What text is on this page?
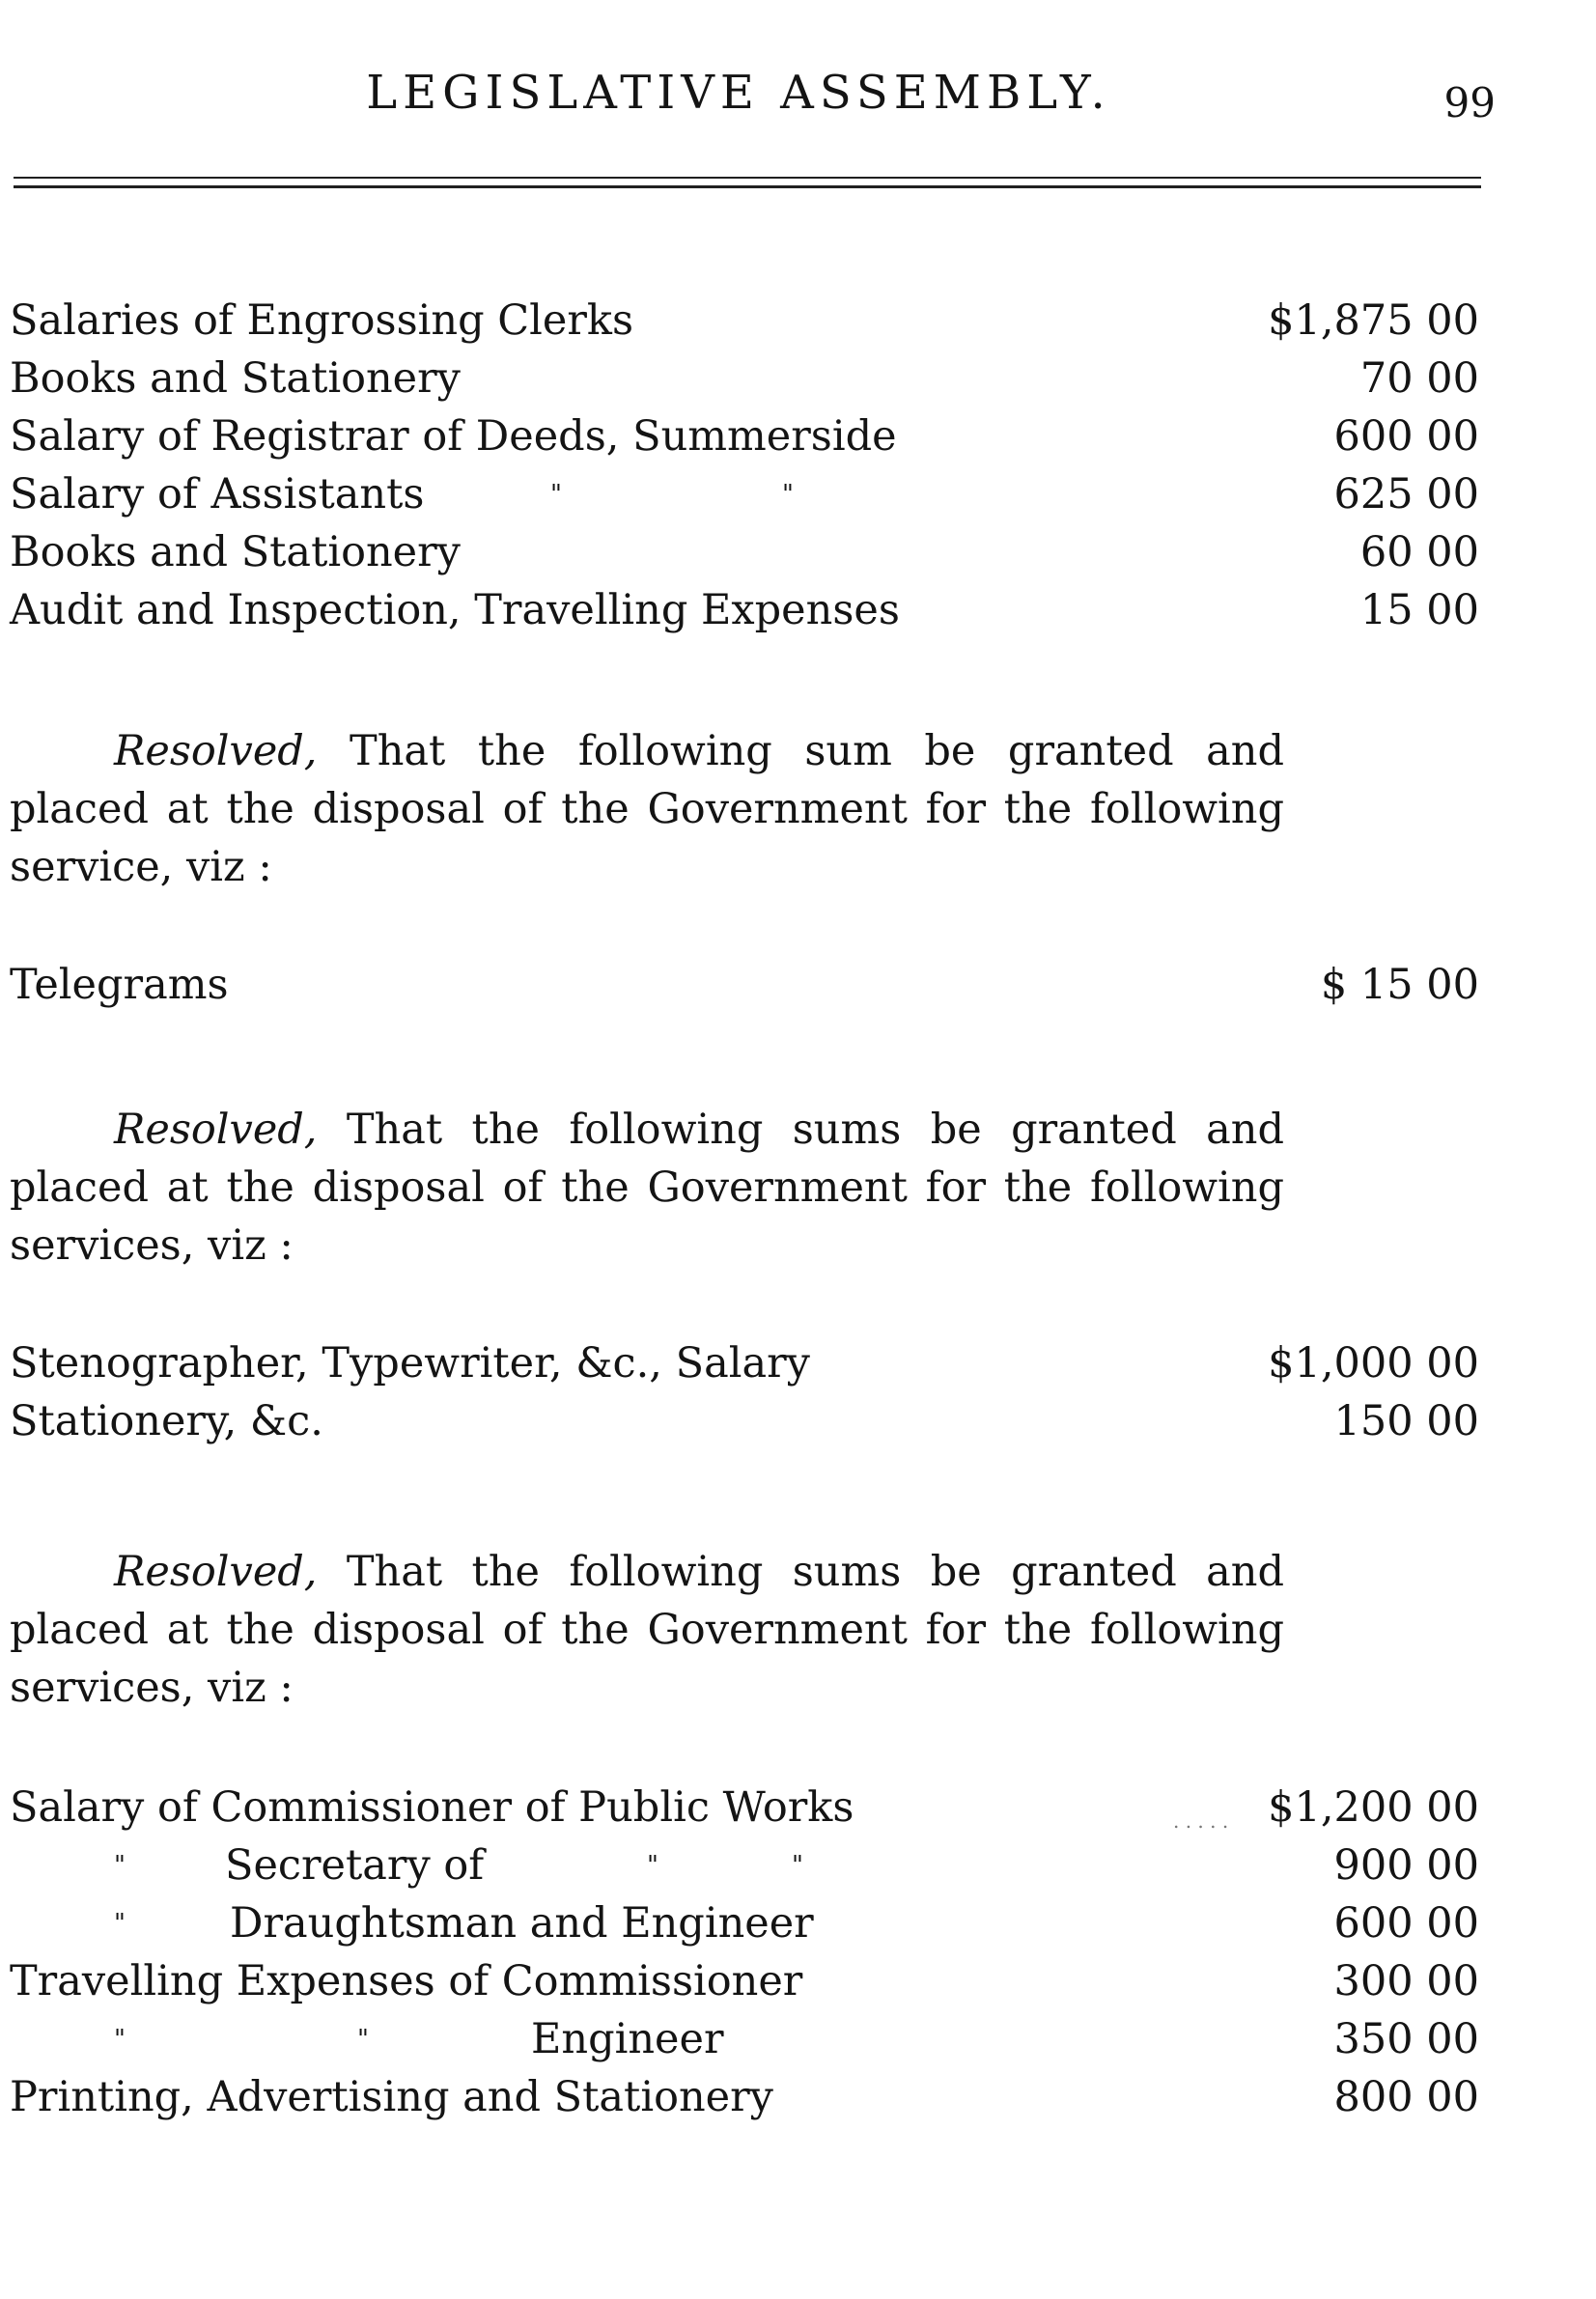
LEGISLATIVE ASSEMBLY.	99
Salaries of Engrossing Clerks	$1,875 00
Books and Stationery	70 00
Salary of Registrar of Deeds, Summerside	600 00
Salary of Assistants	"	"	625 00
Books and Stationery	60 00
Audit and Inspection, Travelling Expenses	15 00

Resolved, That the following sum be granted and placed at the disposal of the Government for the following service, viz :

Telegrams	$ 15 00

Resolved, That the following sums be granted and placed at the disposal of the Government for the following services, viz :

Stenographer, Typewriter, &c., Salary	$1,000 00
Stationery, &c.	150 00

Resolved, That the following sums be granted and placed at the disposal of the Government for the following services, viz :

Salary of Commissioner of Public Works	. . . . . $1,200 00
" Secretary of	"	"	900 00
"	Draughtsman and Engineer	600 00
Travelling Expenses of Commissioner	300 00
"	"	Engineer	350 00
Printing, Advertising and Stationery	800 00
